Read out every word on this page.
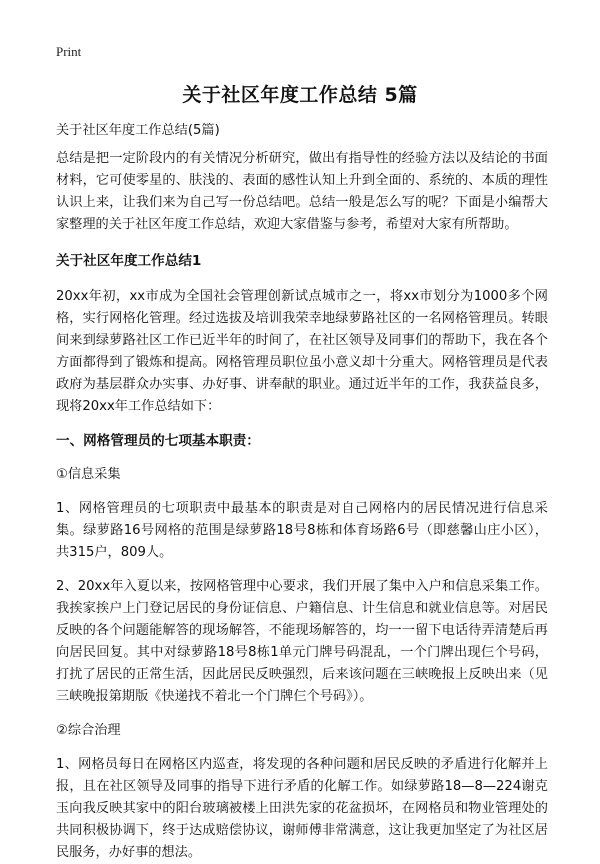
Print
关于社区年度工作总结 5篇

关于社区年度工作总结(5篇)

总结是把一定阶段内的有关情况分析研究，做出有指导性的经验方法以及结论的书面材料，它可使零星的、肤浅的、表面的感性认知上升到全面的、系统的、本质的理性认识上来，让我们来为自己写一份总结吧。总结一般是怎么写的呢？下面是小编帮大家整理的关于社区年度工作总结，欢迎大家借鉴与参考，希望对大家有所帮助。

关于社区年度工作总结1

20xx年初，xx市成为全国社会管理创新试点城市之一，将xx市划分为1000多个网格，实行网格化管理。经过选拔及培训我荣幸地绿萝路社区的一名网格管理员。转眼间来到绿萝路社区工作已近半年的时间了，在社区领导及同事们的帮助下，我在各个方面都得到了锻炼和提高。网格管理员职位虽小意义却十分重大。网格管理员是代表政府为基层群众办实事、办好事、讲奉献的职业。通过近半年的工作，我获益良多，现将20xx年工作总结如下：

一、网格管理员的七项基本职责：

①信息采集

1、网格管理员的七项职责中最基本的职责是对自己网格内的居民情况进行信息采集。绿萝路16号网格的范围是绿萝路18号8栋和体育场路6号（即慈馨山庄小区），共315户，809人。

2、20xx年入夏以来，按网格管理中心要求，我们开展了集中入户和信息采集工作。我挨家挨户上门登记居民的身份证信息、户籍信息、计生信息和就业信息等。对居民反映的各个问题能解答的现场解答，不能现场解答的，均一一留下电话待弄清楚后再向居民回复。其中对绿萝路18号8栋1单元门牌号码混乱，一个门牌出现仨个号码，打扰了居民的正常生活，因此居民反映强烈，后来该问题在三峡晚报上反映出来（见三峡晚报第期版《快递找不着北一个门牌仨个号码》）。

②综合治理

1、网格员每日在网格区内巡查，将发现的各种问题和居民反映的矛盾进行化解并上报，且在社区领导及同事的指导下进行矛盾的化解工作。如绿萝路18—8—224谢克玉向我反映其家中的阳台玻璃被楼上田洪先家的花盆损坏，在网格员和物业管理处的共同积极协调下，终于达成赔偿协议，谢师傅非常满意，这让我更加坚定了为社区居民服务，办好事的想法。
